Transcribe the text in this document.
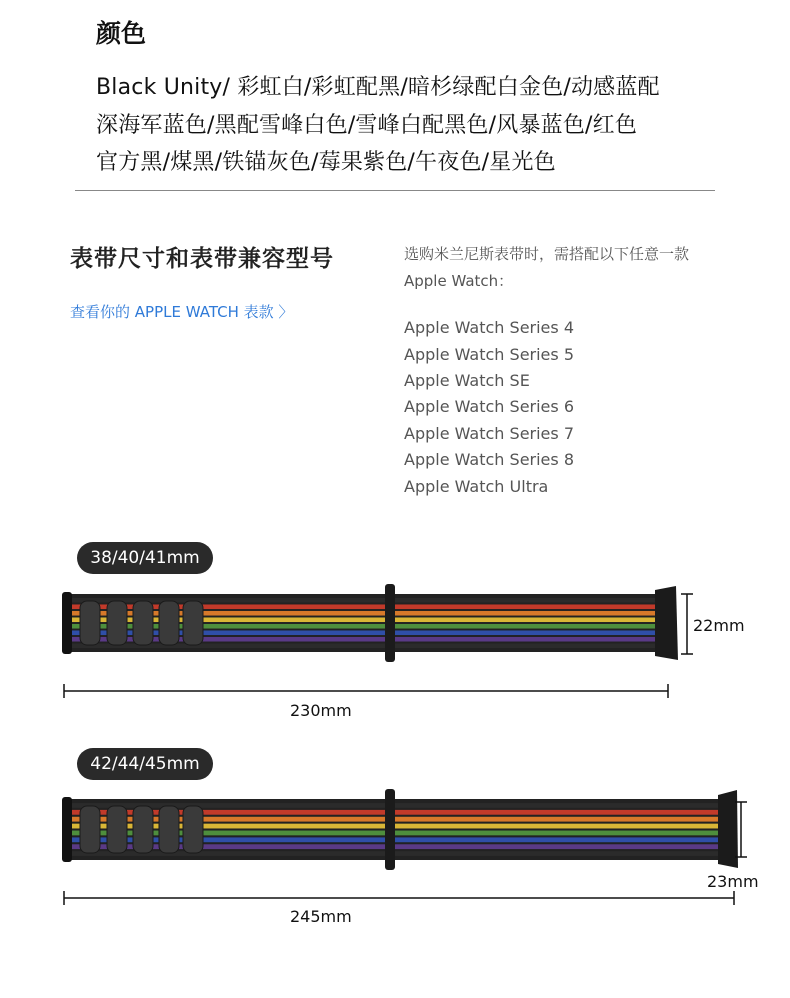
颜色
Black Unity/ 彩虹白/彩虹配黑/暗杉绿配白金色/动感蓝配
深海军蓝色/黑配雪峰白色/雪峰白配黑色/风暴蓝色/红色
官方黑/煤黑/铁锚灰色/莓果紫色/午夜色/星光色
表带尺寸和表带兼容型号
查看你的 APPLE WATCH 表款 〉
选购米兰尼斯表带时，需搭配以下任意一款
Apple Watch：
Apple Watch Series 4
Apple Watch Series 5
Apple Watch SE
Apple Watch Series 6
Apple Watch Series 7
Apple Watch Series 8
Apple Watch Ultra
38/40/41mm
22mm
230mm
42/44/45mm
23mm
245mm
